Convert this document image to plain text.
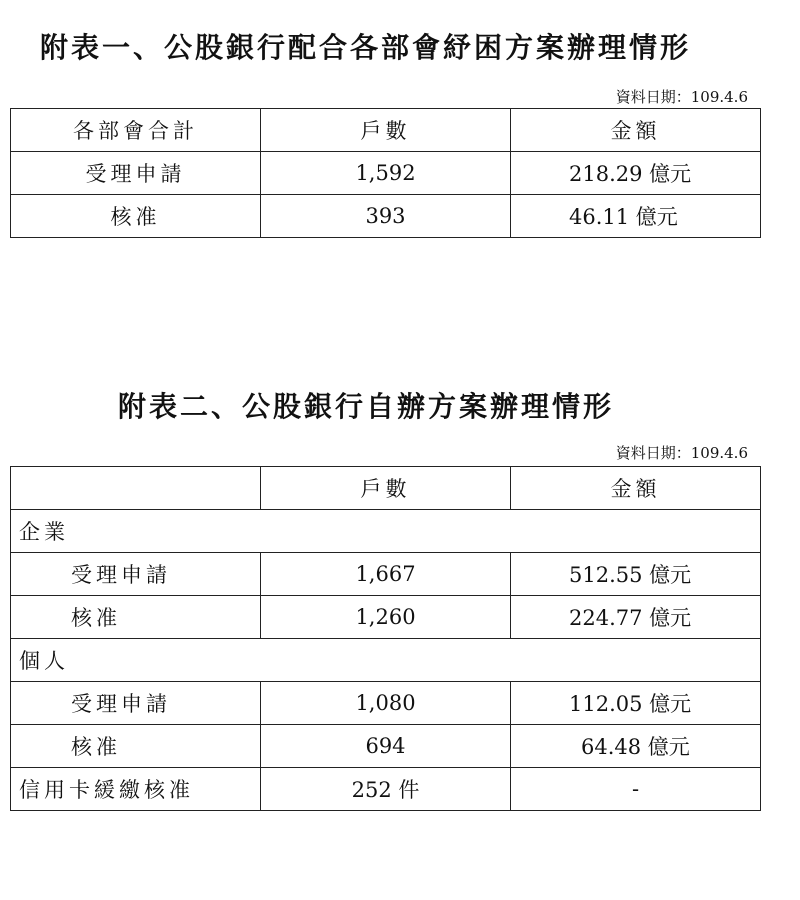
附表一、公股銀行配合各部會紓困方案辦理情形
資料日期：109.4.6
各部會合計	戶數	金額
受理申請	1,592	218.29 億元
核准	393	46.11 億元
附表二、公股銀行自辦方案辦理情形
資料日期：109.4.6
	戶數	金額
企業		
受理申請	1,667	512.55 億元
核准	1,260	224.77 億元
個人		
受理申請	1,080	112.05 億元
核准	694	64.48 億元
信用卡緩繳核准	252 件	-
